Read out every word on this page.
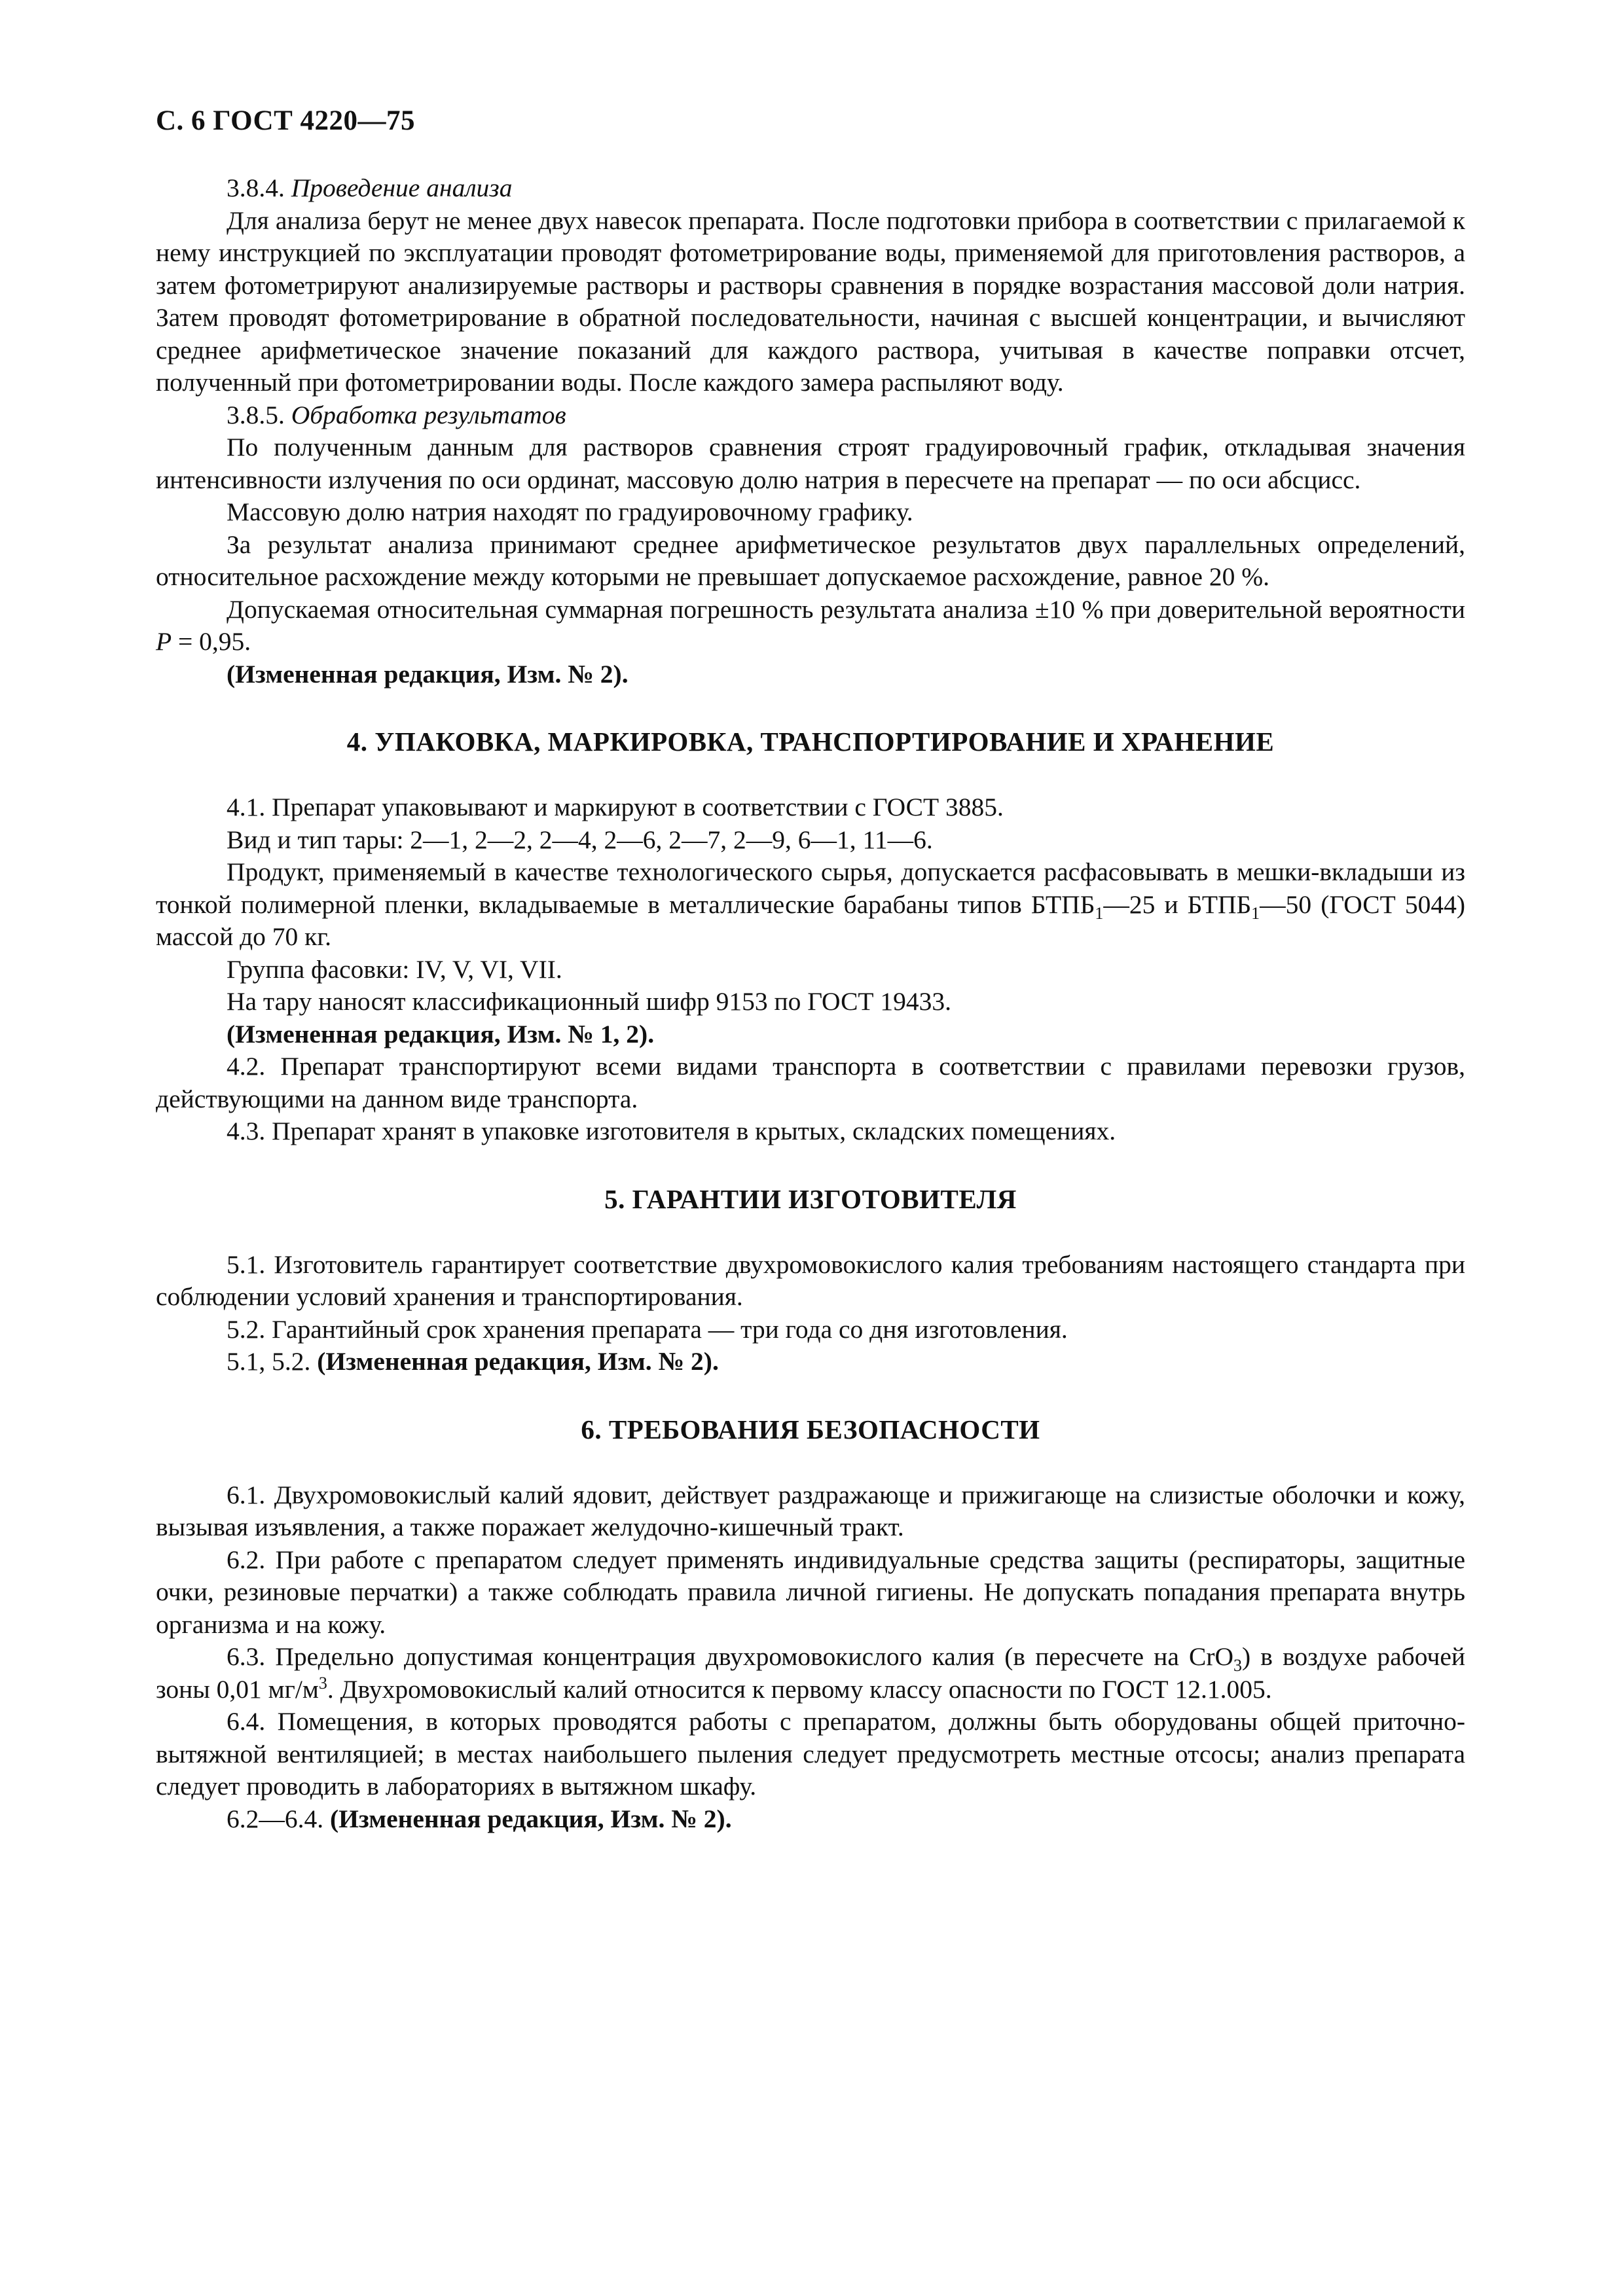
С. 6 ГОСТ 4220—75

3.8.4. Проведение анализа

Для анализа берут не менее двух навесок препарата. После подготовки прибора в соответствии с прилагаемой к нему инструкцией по эксплуатации проводят фотометрирование воды, применяемой для приготовления растворов, а затем фотометрируют анализируемые растворы и растворы сравнения в порядке возрастания массовой доли натрия. Затем проводят фотометрирование в обратной последовательности, начиная с высшей концентрации, и вычисляют среднее арифметическое значение показаний для каждого раствора, учитывая в качестве поправки отсчет, полученный при фотометрировании воды. После каждого замера распыляют воду.

3.8.5. Обработка результатов

По полученным данным для растворов сравнения строят градуировочный график, откладывая значения интенсивности излучения по оси ординат, массовую долю натрия в пересчете на препарат — по оси абсцисс.

Массовую долю натрия находят по градуировочному графику.

За результат анализа принимают среднее арифметическое результатов двух параллельных определений, относительное расхождение между которыми не превышает допускаемое расхождение, равное 20 %.

Допускаемая относительная суммарная погрешность результата анализа ±10 % при доверительной вероятности P = 0,95.

(Измененная редакция, Изм. № 2).

4. УПАКОВКА, МАРКИРОВКА, ТРАНСПОРТИРОВАНИЕ И ХРАНЕНИЕ

4.1. Препарат упаковывают и маркируют в соответствии с ГОСТ 3885.

Вид и тип тары: 2—1, 2—2, 2—4, 2—6, 2—7, 2—9, 6—1, 11—6.

Продукт, применяемый в качестве технологического сырья, допускается расфасовывать в мешки-вкладыши из тонкой полимерной пленки, вкладываемые в металлические барабаны типов $БТПБ_1—25$ и $БТПБ_1—50$ (ГОСТ 5044) массой до 70 кг.

Группа фасовки: IV, V, VI, VII.

На тару наносят классификационный шифр 9153 по ГОСТ 19433.

(Измененная редакция, Изм. № 1, 2).

4.2. Препарат транспортируют всеми видами транспорта в соответствии с правилами перевозки грузов, действующими на данном виде транспорта.

4.3. Препарат хранят в упаковке изготовителя в крытых, складских помещениях.

5. ГАРАНТИИ ИЗГОТОВИТЕЛЯ

5.1. Изготовитель гарантирует соответствие двухромовокислого калия требованиям настоящего стандарта при соблюдении условий хранения и транспортирования.

5.2. Гарантийный срок хранения препарата — три года со дня изготовления.

5.1, 5.2. (Измененная редакция, Изм. № 2).

6. ТРЕБОВАНИЯ БЕЗОПАСНОСТИ

6.1. Двухромовокислый калий ядовит, действует раздражающе и прижигающе на слизистые оболочки и кожу, вызывая изъявления, а также поражает желудочно-кишечный тракт.

6.2. При работе с препаратом следует применять индивидуальные средства защиты (респираторы, защитные очки, резиновые перчатки) а также соблюдать правила личной гигиены. Не допускать попадания препарата внутрь организма и на кожу.

6.3. Предельно допустимая концентрация двухромовокислого калия (в пересчете на CrO$_3$) в воздухе рабочей зоны 0,01 $мг/м^3$. Двухромовокислый калий относится к первому классу опасности по ГОСТ 12.1.005.

6.4. Помещения, в которых проводятся работы с препаратом, должны быть оборудованы общей приточно-вытяжной вентиляцией; в местах наибольшего пыления следует предусмотреть местные отсосы; анализ препарата следует проводить в лабораториях в вытяжном шкафу.

6.2—6.4. (Измененная редакция, Изм. № 2).
